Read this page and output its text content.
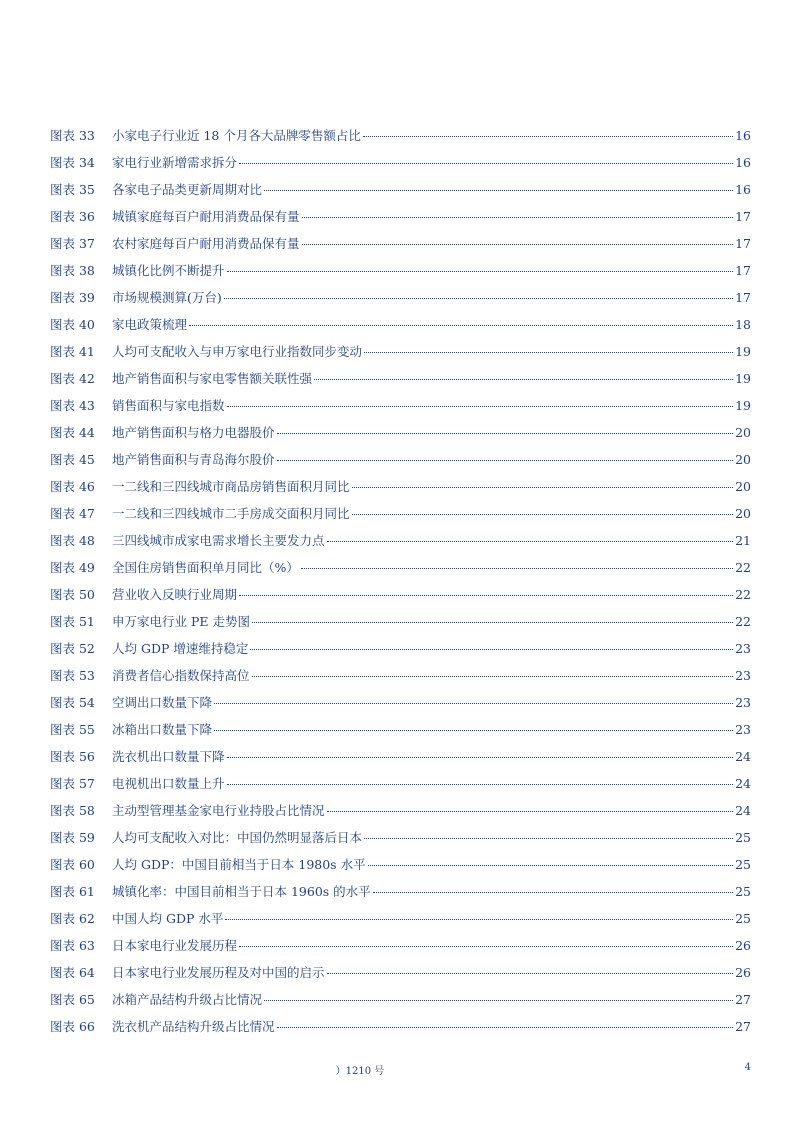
图表 33	小家电子行业近 18 个月各大品牌零售额占比	16
图表 34	家电行业新增需求拆分	16
图表 35	各家电子品类更新周期对比	16
图表 36	城镇家庭每百户耐用消费品保有量	17
图表 37	农村家庭每百户耐用消费品保有量	17
图表 38	城镇化比例不断提升	17
图表 39	市场规模测算(万台)	17
图表 40	家电政策梳理	18
图表 41	人均可支配收入与申万家电行业指数同步变动	19
图表 42	地产销售面积与家电零售额关联性强	19
图表 43	销售面积与家电指数	19
图表 44	地产销售面积与格力电器股价	20
图表 45	地产销售面积与青岛海尔股价	20
图表 46	一二线和三四线城市商品房销售面积月同比	20
图表 47	一二线和三四线城市二手房成交面积月同比	20
图表 48	三四线城市成家电需求增长主要发力点	21
图表 49	全国住房销售面积单月同比（%）	22
图表 50	营业收入反映行业周期	22
图表 51	申万家电行业 PE 走势图	22
图表 52	人均 GDP 增速维持稳定	23
图表 53	消费者信心指数保持高位	23
图表 54	空调出口数量下降	23
图表 55	冰箱出口数量下降	23
图表 56	洗衣机出口数量下降	24
图表 57	电视机出口数量上升	24
图表 58	主动型管理基金家电行业持股占比情况	24
图表 59	人均可支配收入对比：中国仍然明显落后日本	25
图表 60	人均 GDP：中国目前相当于日本 1980s 水平	25
图表 61	城镇化率：中国目前相当于日本 1960s 的水平	25
图表 62	中国人均 GDP 水平	25
图表 63	日本家电行业发展历程	26
图表 64	日本家电行业发展历程及对中国的启示	26
图表 65	冰箱产品结构升级占比情况	27
图表 66	洗衣机产品结构升级占比情况	27
）1210 号	4
